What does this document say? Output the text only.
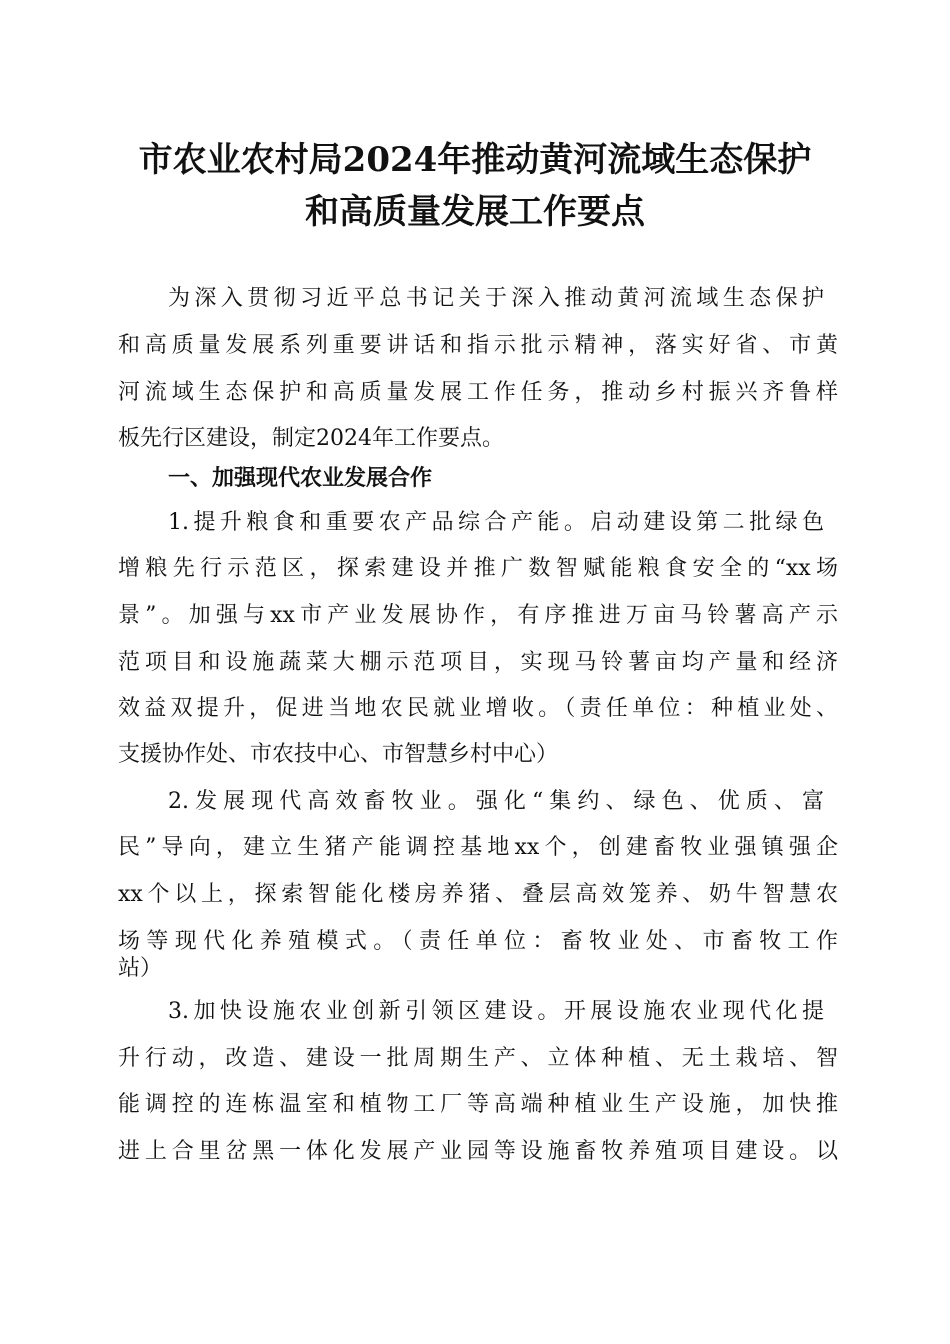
市农业农村局2024年推动黄河流域生态保护
和高质量发展工作要点
为深入贯彻习近平总书记关于深入推动黄河流域生态保护
和高质量发展系列重要讲话和指示批示精神，落实好省、市黄
河流域生态保护和高质量发展工作任务，推动乡村振兴齐鲁样
板先行区建设，制定2024年工作要点。
一、加强现代农业发展合作
1.提升粮食和重要农产品综合产能。启动建设第二批绿色
增粮先行示范区，探索建设并推广数智赋能粮食安全的“xx场
景”。加强与xx市产业发展协作，有序推进万亩马铃薯高产示
范项目和设施蔬菜大棚示范项目，实现马铃薯亩均产量和经济
效益双提升，促进当地农民就业增收。（责任单位：种植业处、
支援协作处、市农技中心、市智慧乡村中心）
2.发展现代高效畜牧业。强化“集约、绿色、优质、富
民”导向，建立生猪产能调控基地xx个，创建畜牧业强镇强企
xx个以上，探索智能化楼房养猪、叠层高效笼养、奶牛智慧农
场等现代化养殖模式。（责任单位：畜牧业处、市畜牧工作
站）
3.加快设施农业创新引领区建设。开展设施农业现代化提
升行动，改造、建设一批周期生产、立体种植、无土栽培、智
能调控的连栋温室和植物工厂等高端种植业生产设施，加快推
进上合里岔黑一体化发展产业园等设施畜牧养殖项目建设。以
